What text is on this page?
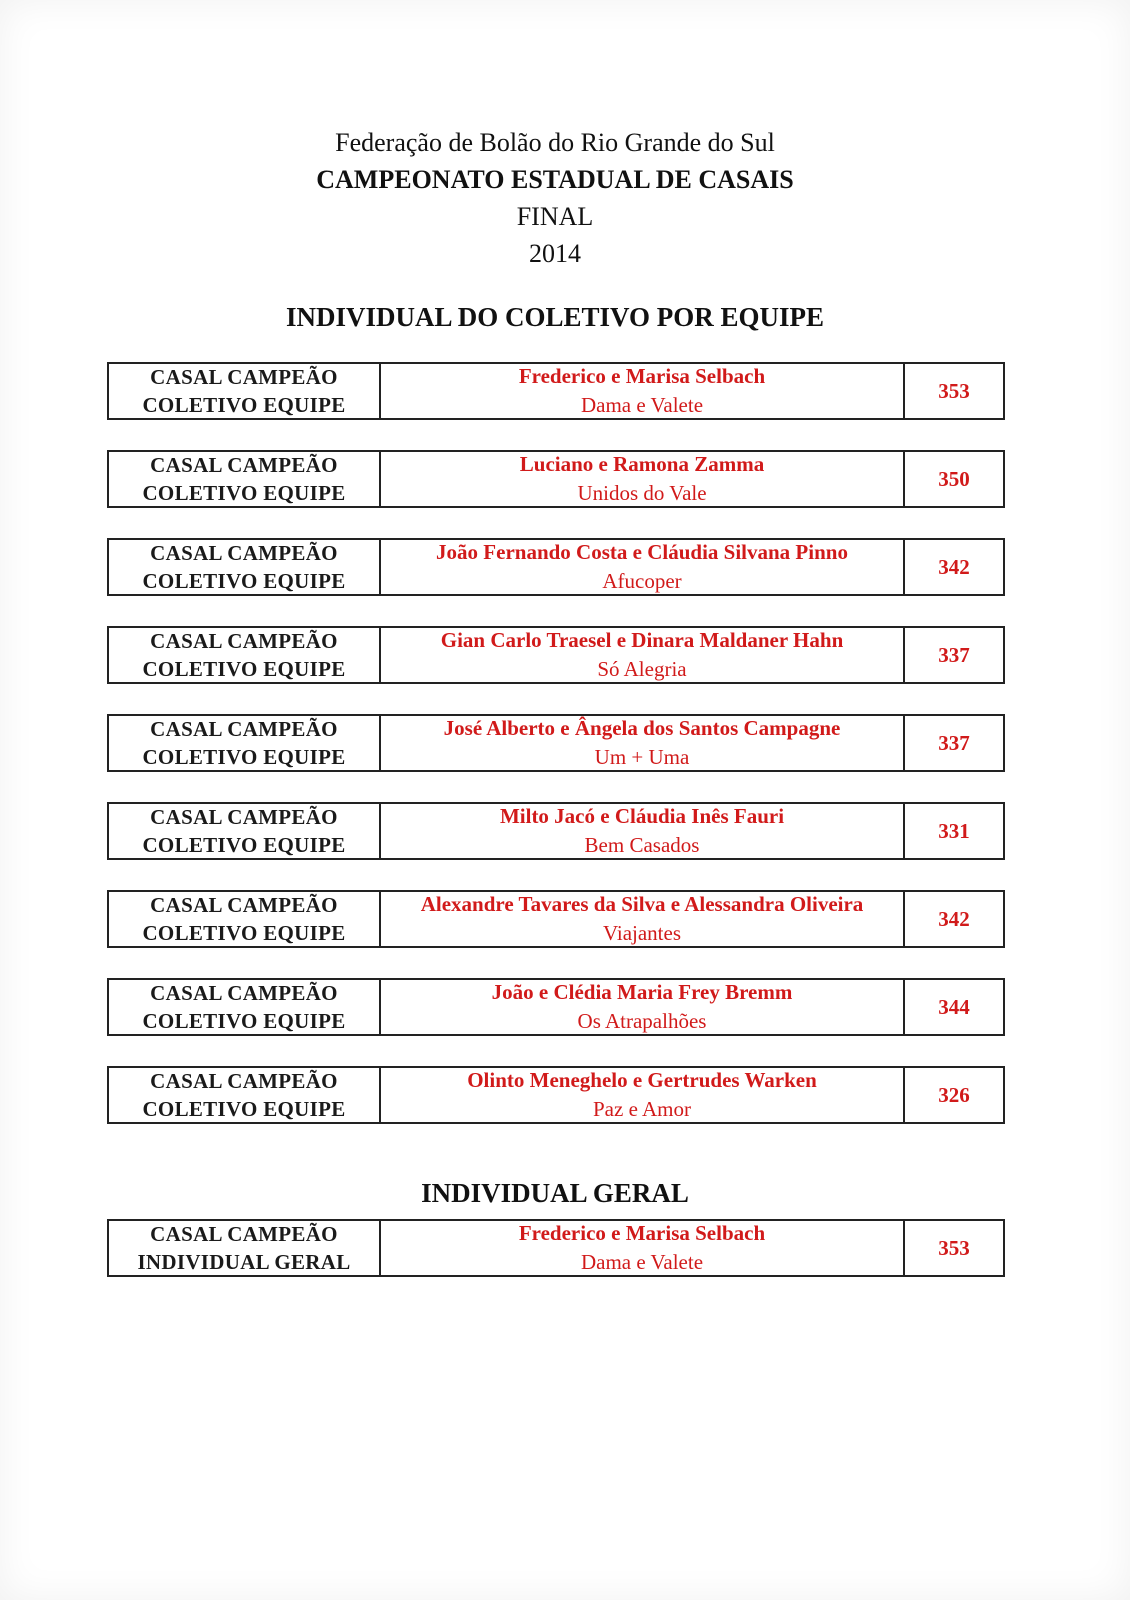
Federação de Bolão do Rio Grande do Sul

CAMPEONATO ESTADUAL DE CASAIS

FINAL

2014

INDIVIDUAL DO COLETIVO POR EQUIPE
CASAL CAMPEÃO
COLETIVO EQUIPE
Frederico e Marisa Selbach
Dama e Valete
353
CASAL CAMPEÃO
COLETIVO EQUIPE
Luciano e Ramona Zamma
Unidos do Vale
350
CASAL CAMPEÃO
COLETIVO EQUIPE
João Fernando Costa e Cláudia Silvana Pinno
Afucoper
342
CASAL CAMPEÃO
COLETIVO EQUIPE
Gian Carlo Traesel e Dinara Maldaner Hahn
Só Alegria
337
CASAL CAMPEÃO
COLETIVO EQUIPE
José Alberto e Ângela dos Santos Campagne
Um + Uma
337
CASAL CAMPEÃO
COLETIVO EQUIPE
Milto Jacó e Cláudia Inês Fauri
Bem Casados
331
CASAL CAMPEÃO
COLETIVO EQUIPE
Alexandre Tavares da Silva e Alessandra Oliveira
Viajantes
342
CASAL CAMPEÃO
COLETIVO EQUIPE
João e Clédia Maria Frey Bremm
Os Atrapalhões
344
CASAL CAMPEÃO
COLETIVO EQUIPE
Olinto Meneghelo e Gertrudes Warken
Paz e Amor
326
INDIVIDUAL GERAL
CASAL CAMPEÃO
INDIVIDUAL GERAL
Frederico e Marisa Selbach
Dama e Valete
353
